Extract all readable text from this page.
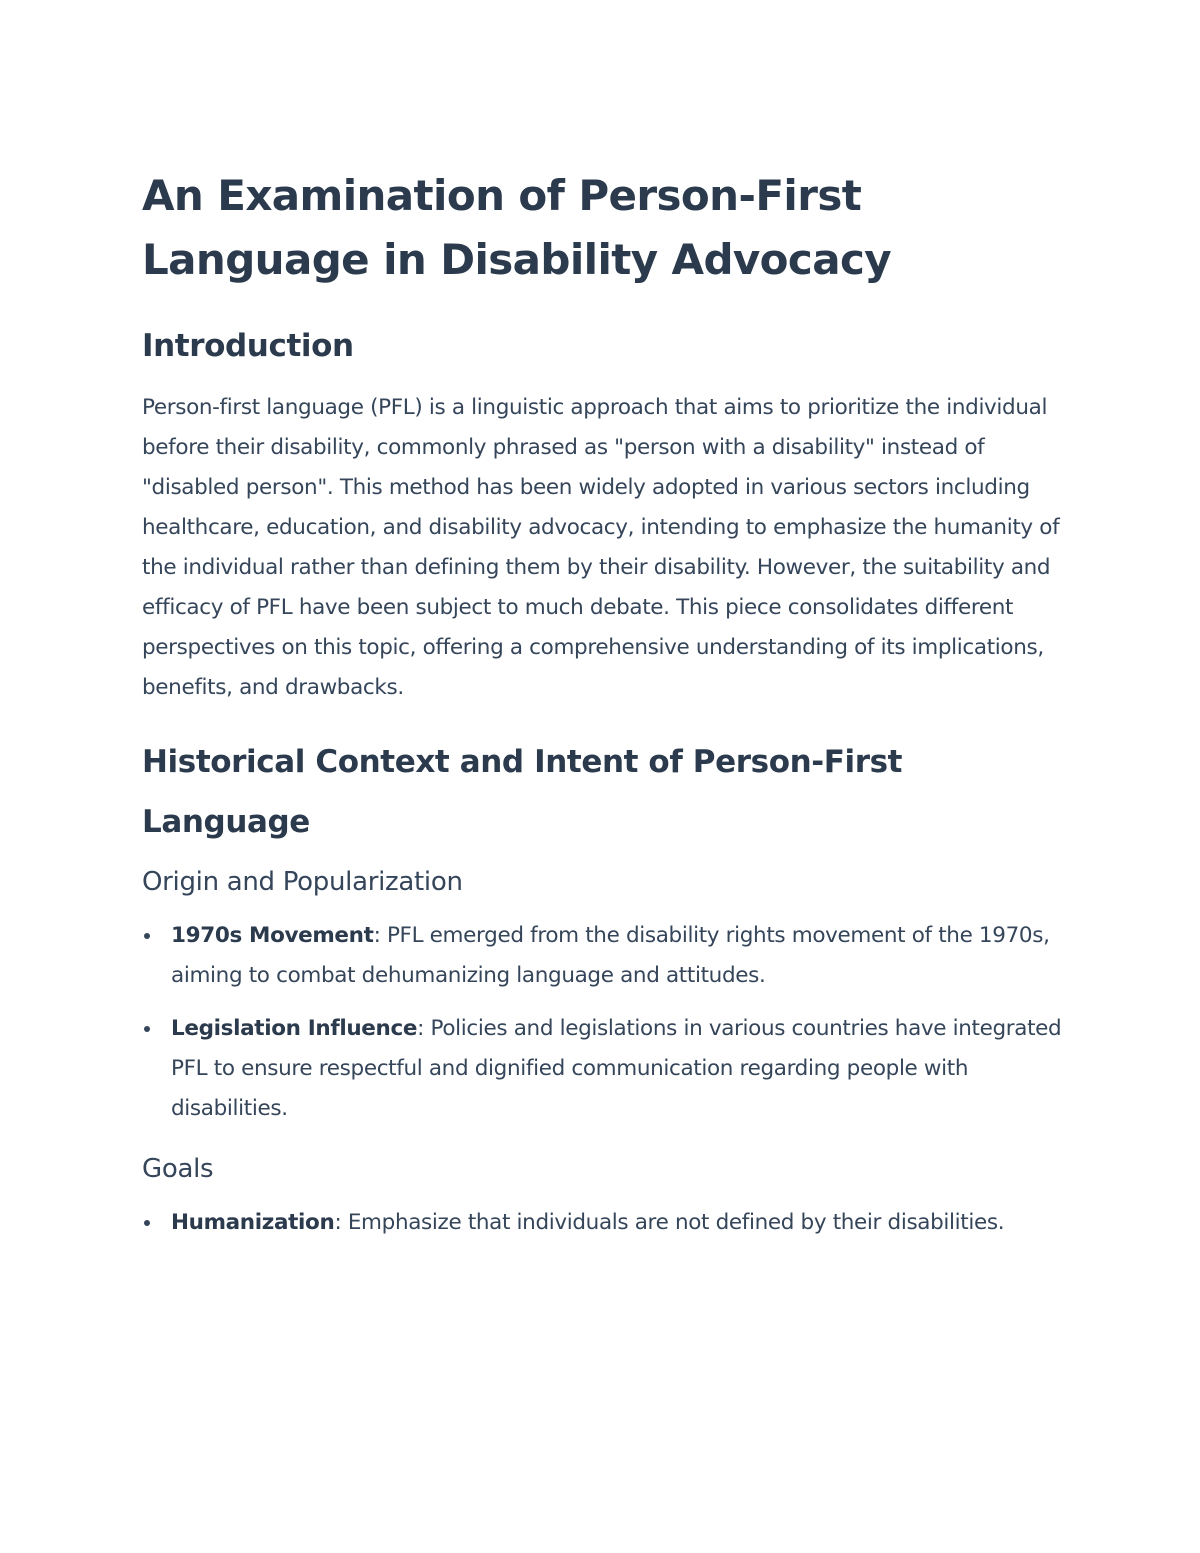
An Examination of Person-First Language in Disability Advocacy
Introduction

Person-first language (PFL) is a linguistic approach that aims to prioritize the individual before their disability, commonly phrased as "person with a disability" instead of "disabled person". This method has been widely adopted in various sectors including healthcare, education, and disability advocacy, intending to emphasize the humanity of the individual rather than defining them by their disability. However, the suitability and efficacy of PFL have been subject to much debate. This piece consolidates different perspectives on this topic, offering a comprehensive understanding of its implications, benefits, and drawbacks.

Historical Context and Intent of Person-First Language
Origin and Popularization
1970s Movement: PFL emerged from the disability rights movement of the 1970s, aiming to combat dehumanizing language and attitudes.
Legislation Influence: Policies and legislations in various countries have integrated PFL to ensure respectful and dignified communication regarding people with disabilities.
Goals
Humanization: Emphasize that individuals are not defined by their disabilities.
